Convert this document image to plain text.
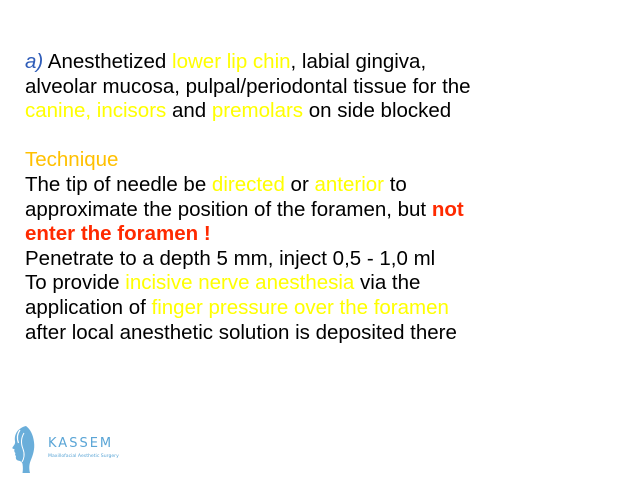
a) Anesthetized lower lip chin, labial gingiva,
alveolar mucosa, pulpal/periodontal tissue for the
canine, incisors and premolars on side blocked
Technique
The tip of needle be directed or anterior to
approximate the position of the foramen, but not
enter the foramen !
Penetrate to a depth 5 mm, inject 0,5 - 1,0 ml
To provide incisive nerve anesthesia via the
application of finger pressure over the foramen
after local anesthetic solution is deposited there
KASSEM
Maxillofacial Aesthetic Surgery
